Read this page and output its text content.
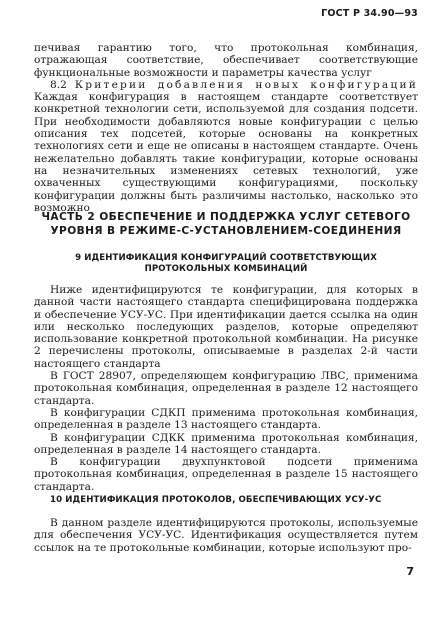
ГОСТ Р 34.90—93

печивая гарантию того, что протокольная комбинация, отражающая соответствие, обеспечивает соответствующие функциональные возможности и параметры качества услуг

8.2 Критерии добавления новых конфигураций Каждая конфигурация в настоящем стандарте соответствует конкретной технологии сети, используемой для создания подсети. При необходимости добавляются новые конфигурации с целью описания тех подсетей, которые основаны на конкретных технологиях сети и еще не описаны в настоящем стандарте. Очень нежелательно добавлять такие конфигурации, которые основаны на незначительных изменениях сетевых технологий, уже охваченных существующими конфигурациями, поскольку конфигурации должны быть различимы настолько, насколько это возможно

ЧАСТЬ 2 ОБЕСПЕЧЕНИЕ И ПОДДЕРЖКА УСЛУГ СЕТЕВОГО

УРОВНЯ В РЕЖИМЕ-С-УСТАНОВЛЕНИЕМ-СОЕДИНЕНИЯ

9 ИДЕНТИФИКАЦИЯ КОНФИГУРАЦИЙ СООТВЕТСТВУЮЩИХ

ПРОТОКОЛЬНЫХ КОМБИНАЦИЙ

Ниже идентифицируются те конфигурации, для которых в данной части настоящего стандарта специфицирована поддержка и обеспечение УСУ-УС. При идентификации дается ссылка на один или несколько последующих разделов, которые определяют использование конкретной протокольной комбинации. На рисунке 2 перечислены протоколы, описываемые в разделах 2-й части настоящего стандарта

В ГОСТ 28907, определяющем конфигурацию ЛВС, применима протокольная комбинация, определенная в разделе 12 настоящего стандарта.

В конфигурации СДКП применима протокольная комбинация, определенная в разделе 13 настоящего стандарта.

В конфигурации СДКК применима протокольная комбинация, определенная в разделе 14 настоящего стандарта.

В конфигурации двухпунктовой подсети применима протокольная комбинация, определенная в разделе 15 настоящего стандарта.

10 ИДЕНТИФИКАЦИЯ ПРОТОКОЛОВ, ОБЕСПЕЧИВАЮЩИХ УСУ-УС

В данном разделе идентифицируются протоколы, используемые для обеспечения УСУ-УС. Идентификация осуществляется путем ссылок на те протокольные комбинации, которые используют про-

7
